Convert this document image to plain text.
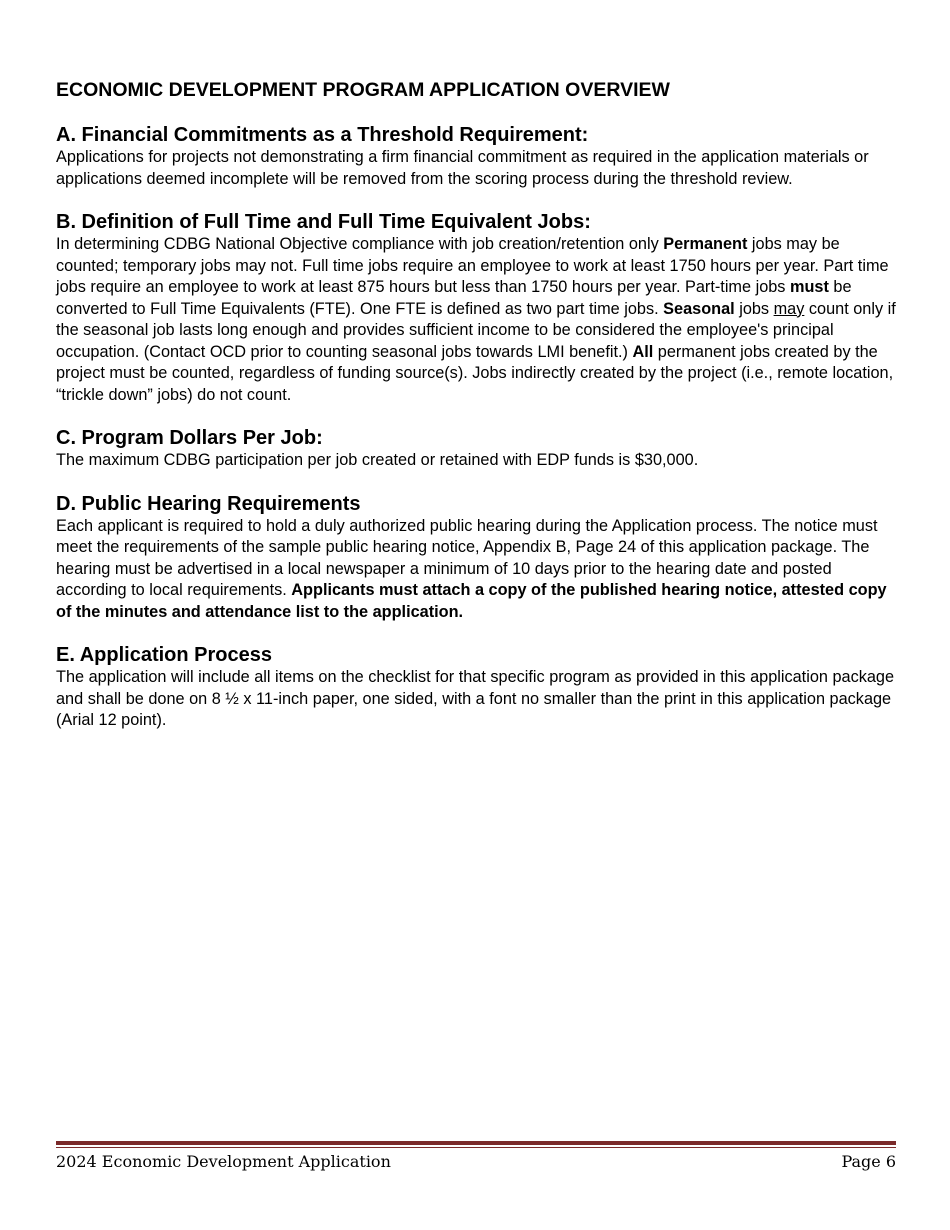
ECONOMIC DEVELOPMENT PROGRAM APPLICATION OVERVIEW
A. Financial Commitments as a Threshold Requirement:

Applications for projects not demonstrating a firm financial commitment as required in the application materials or applications deemed incomplete will be removed from the scoring process during the threshold review.

B. Definition of Full Time and Full Time Equivalent Jobs:

In determining CDBG National Objective compliance with job creation/retention only Permanent jobs may be counted; temporary jobs may not. Full time jobs require an employee to work at least 1750 hours per year. Part time jobs require an employee to work at least 875 hours but less than 1750 hours per year. Part-time jobs must be converted to Full Time Equivalents (FTE). One FTE is defined as two part time jobs. Seasonal jobs may count only if the seasonal job lasts long enough and provides sufficient income to be considered the employee's principal occupation. (Contact OCD prior to counting seasonal jobs towards LMI benefit.) All permanent jobs created by the project must be counted, regardless of funding source(s). Jobs indirectly created by the project (i.e., remote location, “trickle down” jobs) do not count.

C. Program Dollars Per Job:

The maximum CDBG participation per job created or retained with EDP funds is $30,000.

D. Public Hearing Requirements

Each applicant is required to hold a duly authorized public hearing during the Application process. The notice must meet the requirements of the sample public hearing notice, Appendix B, Page 24 of this application package. The hearing must be advertised in a local newspaper a minimum of 10 days prior to the hearing date and posted according to local requirements. Applicants must attach a copy of the published hearing notice, attested copy of the minutes and attendance list to the application.

E. Application Process

The application will include all items on the checklist for that specific program as provided in this application package and shall be done on 8 ½ x 11-inch paper, one sided, with a font no smaller than the print in this application package (Arial 12 point).

2024 Economic Development Application	Page 6
